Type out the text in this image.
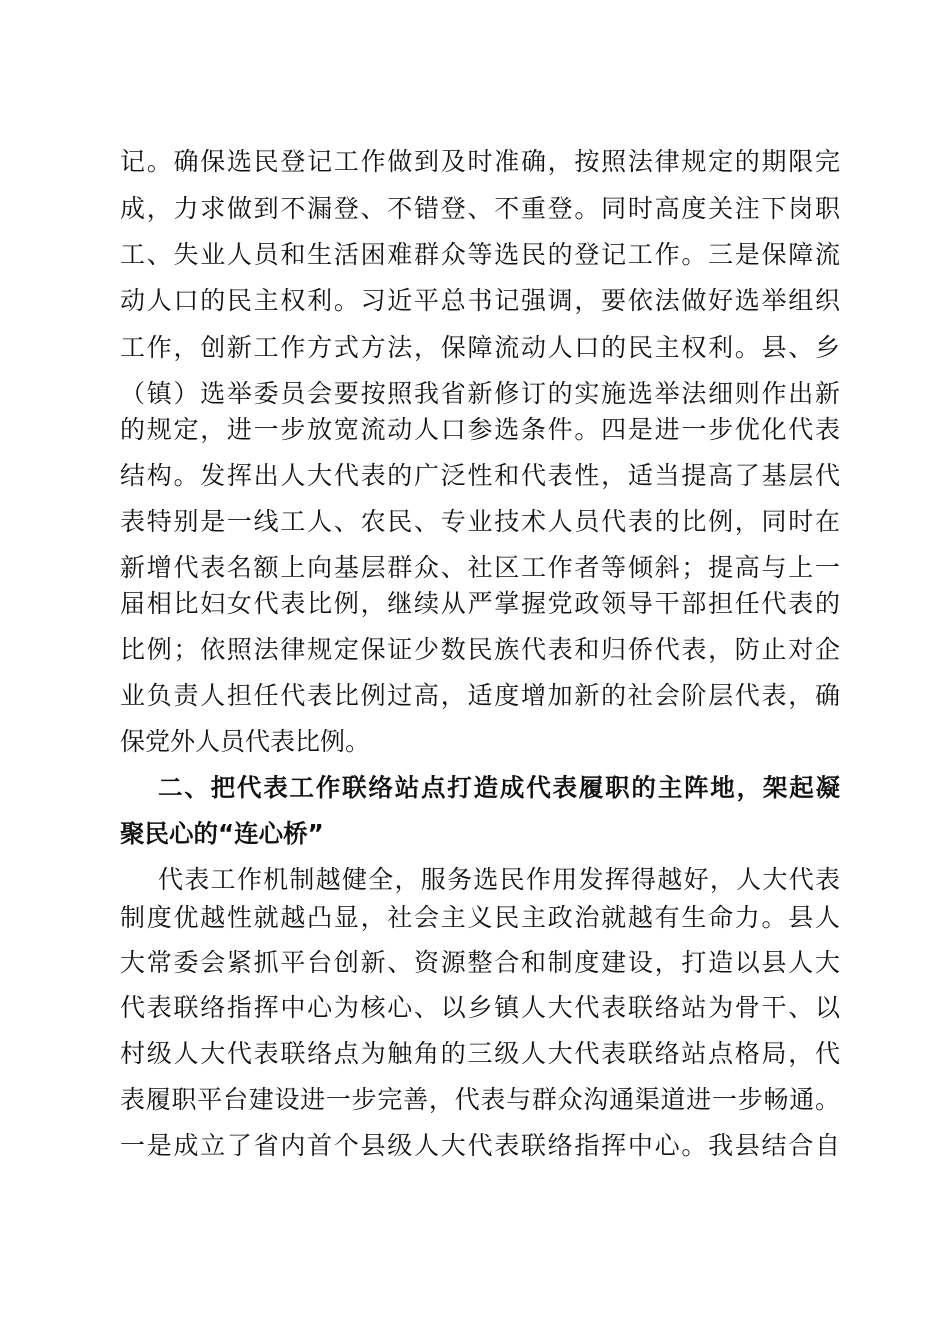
记。确保选民登记工作做到及时准确，按照法律规定的期限完
成，力求做到不漏登、不错登、不重登。同时高度关注下岗职
工、失业人员和生活困难群众等选民的登记工作。三是保障流
动人口的民主权利。习近平总书记强调，要依法做好选举组织
工作，创新工作方式方法，保障流动人口的民主权利。县、乡
（镇）选举委员会要按照我省新修订的实施选举法细则作出新
的规定，进一步放宽流动人口参选条件。四是进一步优化代表
结构。发挥出人大代表的广泛性和代表性，适当提高了基层代
表特别是一线工人、农民、专业技术人员代表的比例，同时在
新增代表名额上向基层群众、社区工作者等倾斜；提高与上一
届相比妇女代表比例，继续从严掌握党政领导干部担任代表的
比例；依照法律规定保证少数民族代表和归侨代表，防止对企
业负责人担任代表比例过高，适度增加新的社会阶层代表，确
保党外人员代表比例。
二、把代表工作联络站点打造成代表履职的主阵地，架起凝
聚民心的“连心桥”
代表工作机制越健全，服务选民作用发挥得越好，人大代表
制度优越性就越凸显，社会主义民主政治就越有生命力。县人
大常委会紧抓平台创新、资源整合和制度建设，打造以县人大
代表联络指挥中心为核心、以乡镇人大代表联络站为骨干、以
村级人大代表联络点为触角的三级人大代表联络站点格局，代
表履职平台建设进一步完善，代表与群众沟通渠道进一步畅通。
一是成立了省内首个县级人大代表联络指挥中心。我县结合自
